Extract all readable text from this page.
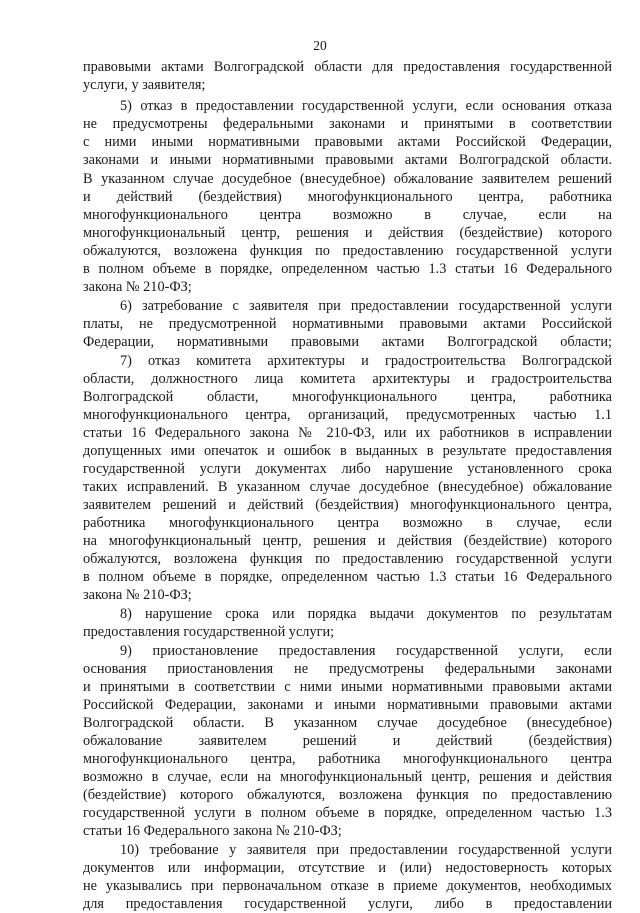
20
правовыми актами Волгоградской области для предоставления государственной
услуги, у заявителя;
5) отказ в предоставлении государственной услуги, если основания отказа
не предусмотрены федеральными законами и принятыми в соответствии
с ними иными нормативными правовыми актами Российской Федерации,
законами и иными нормативными правовыми актами Волгоградской области.
В указанном случае досудебное (внесудебное) обжалование заявителем решений
и действий (бездействия) многофункционального центра, работника
многофункционального центра возможно в случае, если на
многофункциональный центр, решения и действия (бездействие) которого
обжалуются, возложена функция по предоставлению государственной услуги
в полном объеме в порядке, определенном частью 1.3 статьи 16 Федерального
закона № 210-ФЗ;
6) затребование с заявителя при предоставлении государственной услуги
платы, не предусмотренной нормативными правовыми актами Российской
Федерации, нормативными правовыми актами Волгоградской области;
7) отказ комитета архитектуры и градостроительства Волгоградской
области, должностного лица комитета архитектуры и градостроительства
Волгоградской области, многофункционального центра, работника
многофункционального центра, организаций, предусмотренных частью 1.1
статьи 16 Федерального закона № 210-ФЗ, или их работников в исправлении
допущенных ими опечаток и ошибок в выданных в результате предоставления
государственной услуги документах либо нарушение установленного срока
таких исправлений. В указанном случае досудебное (внесудебное) обжалование
заявителем решений и действий (бездействия) многофункционального центра,
работника многофункционального центра возможно в случае, если
на многофункциональный центр, решения и действия (бездействие) которого
обжалуются, возложена функция по предоставлению государственной услуги
в полном объеме в порядке, определенном частью 1.3 статьи 16 Федерального
закона № 210-ФЗ;
8) нарушение срока или порядка выдачи документов по результатам
предоставления государственной услуги;
9) приостановление предоставления государственной услуги, если
основания приостановления не предусмотрены федеральными законами
и принятыми в соответствии с ними иными нормативными правовыми актами
Российской Федерации, законами и иными нормативными правовыми актами
Волгоградской области. В указанном случае досудебное (внесудебное)
обжалование заявителем решений и действий (бездействия)
многофункционального центра, работника многофункционального центра
возможно в случае, если на многофункциональный центр, решения и действия
(бездействие) которого обжалуются, возложена функция по предоставлению
государственной услуги в полном объеме в порядке, определенном частью 1.3
статьи 16 Федерального закона № 210-ФЗ;
10) требование у заявителя при предоставлении государственной услуги
документов или информации, отсутствие и (или) недостоверность которых
не указывались при первоначальном отказе в приеме документов, необходимых
для предоставления государственной услуги, либо в предоставлении
